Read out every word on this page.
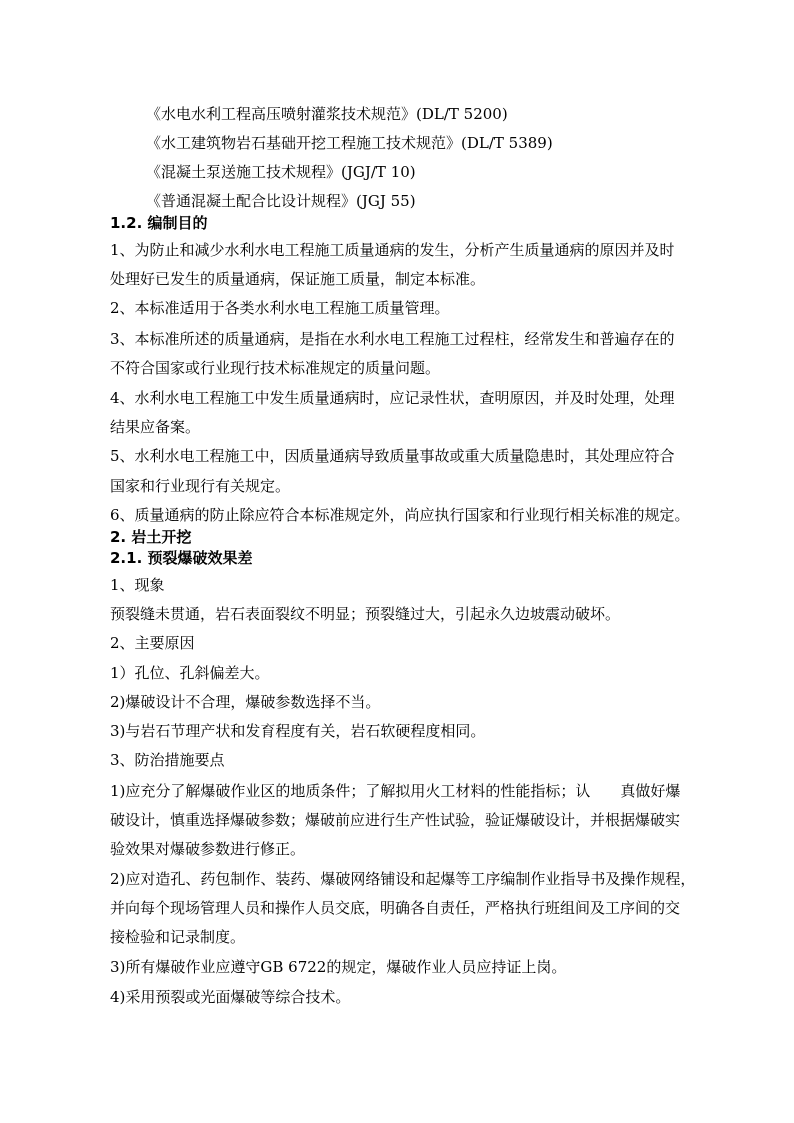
《水电水利工程高压喷射灌浆技术规范》(DL/T 5200)
《水工建筑物岩石基础开挖工程施工技术规范》(DL/T 5389)
《混凝土泵送施工技术规程》(JGJ/T 10)
《普通混凝土配合比设计规程》(JGJ 55)
1.2. 编制目的
1、为防止和减少水利水电工程施工质量通病的发生，分析产生质量通病的原因并及时
处理好已发生的质量通病，保证施工质量，制定本标准。
2、本标准适用于各类水利水电工程施工质量管理。
3、本标准所述的质量通病，是指在水利水电工程施工过程柱，经常发生和普遍存在的
不符合国家或行业现行技术标准规定的质量问题。
4、水利水电工程施工中发生质量通病时，应记录性状，查明原因，并及时处理，处理
结果应备案。
5、水利水电工程施工中，因质量通病导致质量事故或重大质量隐患时，其处理应符合
国家和行业现行有关规定。
6、质量通病的防止除应符合本标准规定外，尚应执行国家和行业现行相关标准的规定。
2. 岩土开挖
2.1. 预裂爆破效果差
1、现象
预裂缝未贯通，岩石表面裂纹不明显；预裂缝过大，引起永久边坡震动破坏。
2、主要原因
1）孔位、孔斜偏差大。
2)爆破设计不合理，爆破参数选择不当。
3)与岩石节理产状和发育程度有关，岩石软硬程度相同。
3、防治措施要点
1)应充分了解爆破作业区的地质条件；了解拟用火工材料的性能指标；认 真做好爆
破设计，慎重选择爆破参数；爆破前应进行生产性试验，验证爆破设计，并根据爆破实
验效果对爆破参数进行修正。
2)应对造孔、药包制作、装药、爆破网络铺设和起爆等工序编制作业指导书及操作规程，
并向每个现场管理人员和操作人员交底，明确各自责任，严格执行班组间及工序间的交
接检验和记录制度。
3)所有爆破作业应遵守GB 6722的规定，爆破作业人员应持证上岗。
4)采用预裂或光面爆破等综合技术。
